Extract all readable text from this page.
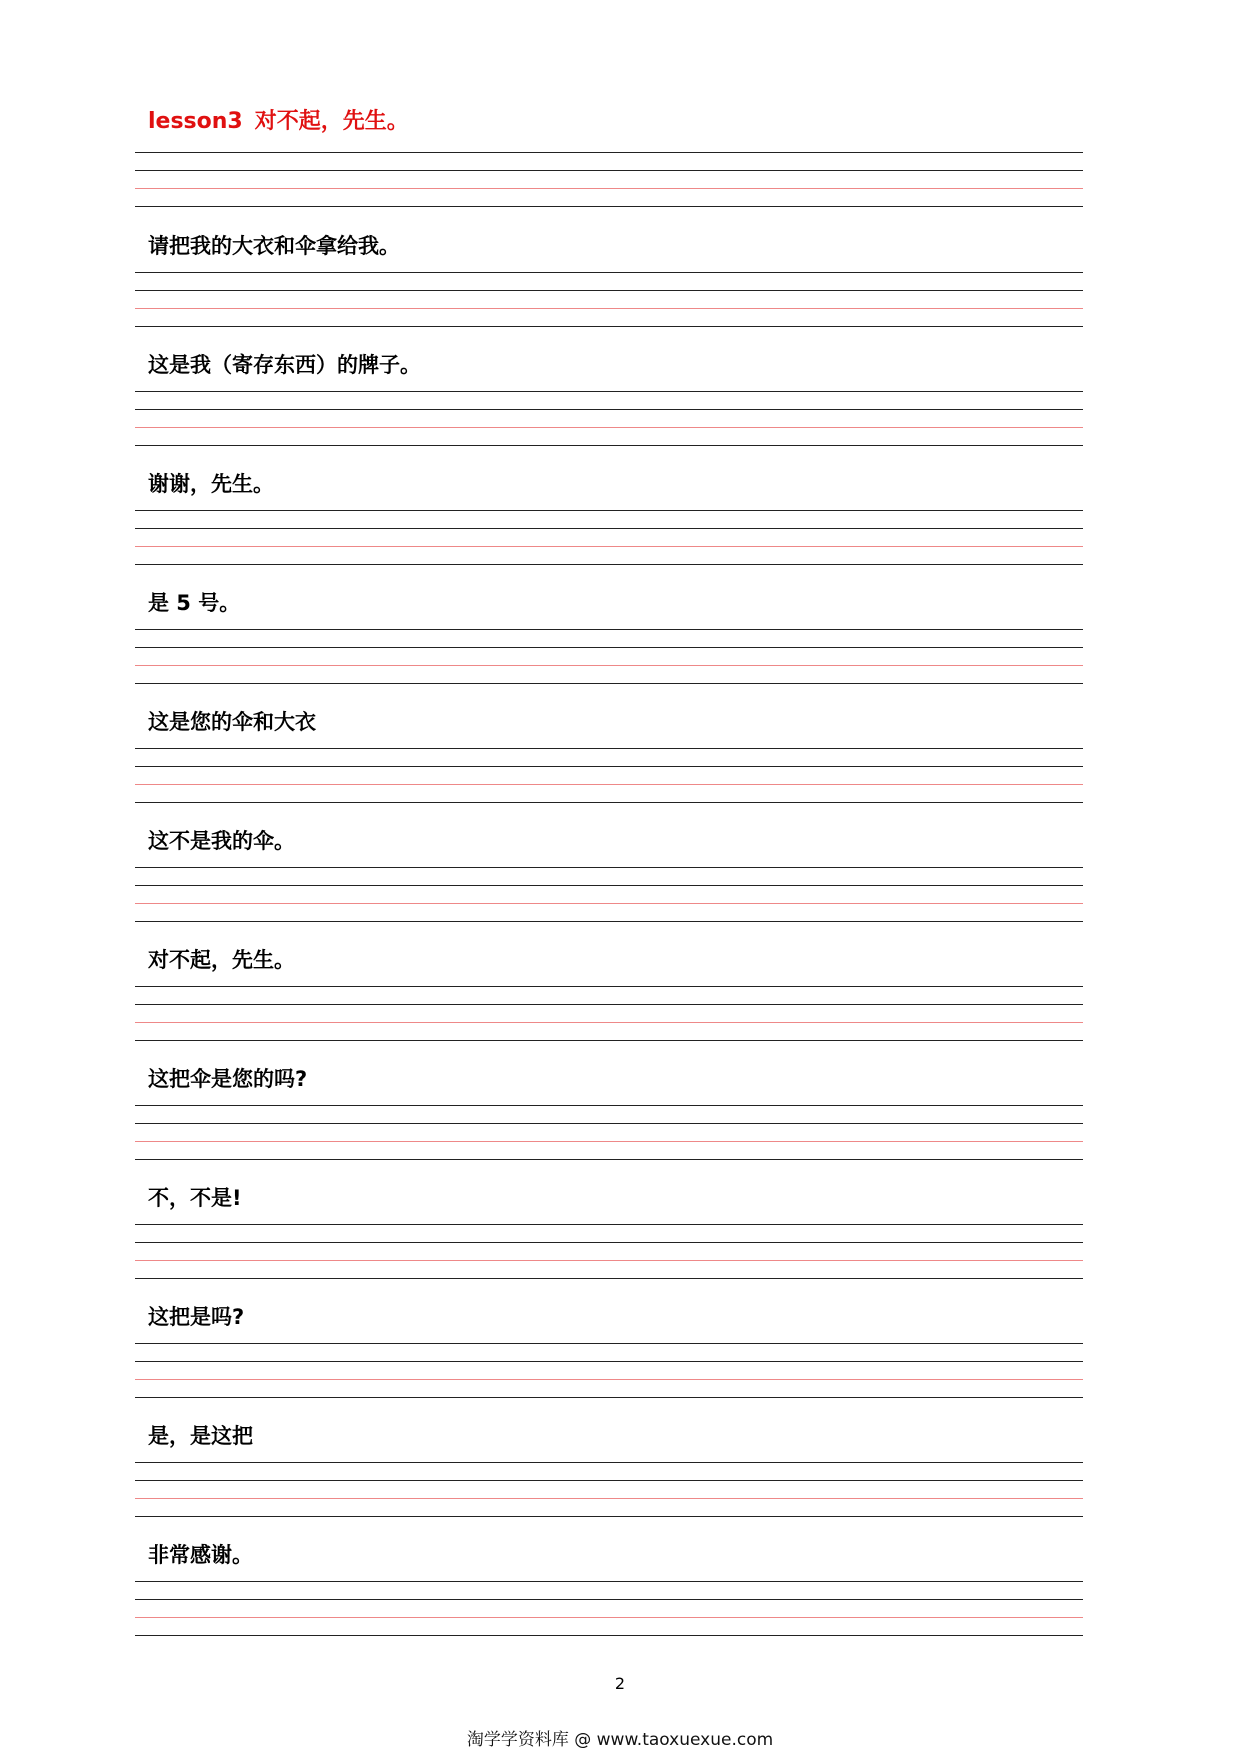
lesson3 对不起，先生。
请把我的大衣和伞拿给我。
这是我（寄存东西）的牌子。
谢谢，先生。
是 5 号。
这是您的伞和大衣
这不是我的伞。
对不起，先生。
这把伞是您的吗?
不，不是!
这把是吗?
是，是这把
非常感谢。
2
淘学学资料库 @ www.taoxuexue.com
